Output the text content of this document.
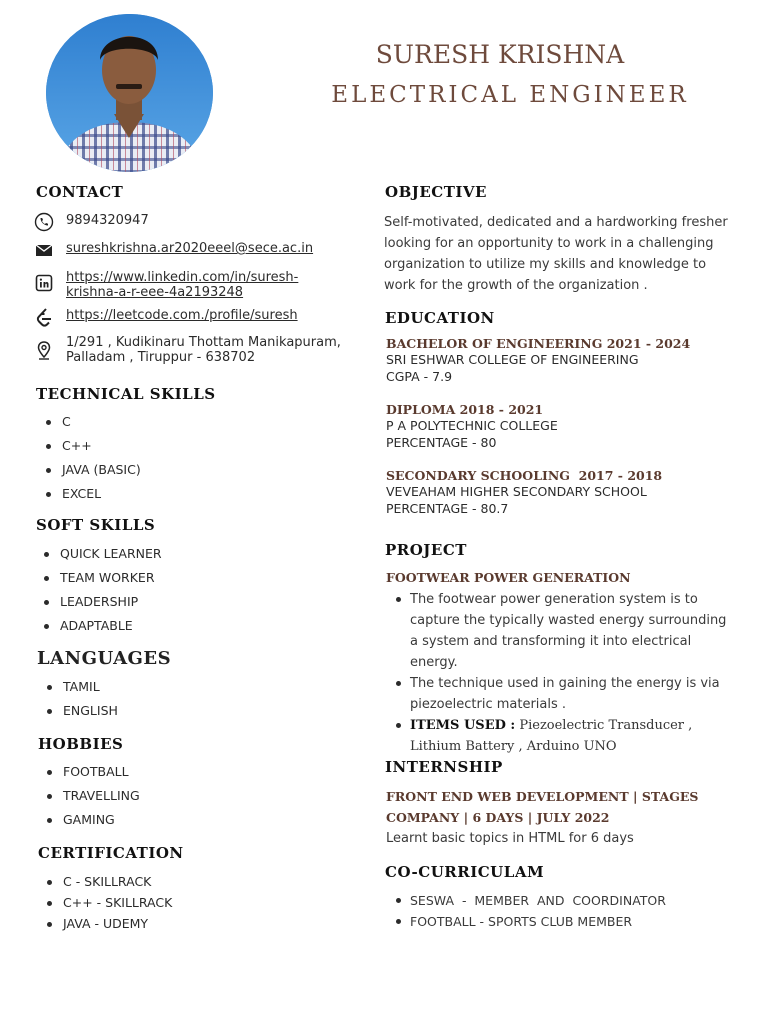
SURESH KRISHNA
ELECTRICAL ENGINEER
CONTACT
9894320947
sureshkrishna.ar2020eeel@sece.ac.in
https://www.linkedin.com/in/suresh-
krishna-a-r-eee-4a2193248
https://leetcode.com./profile/suresh
1/291 , Kudikinaru Thottam Manikapuram,
Palladam , Tiruppur - 638702
TECHNICAL SKILLS
C
C++
JAVA (BASIC)
EXCEL
SOFT SKILLS
QUICK LEARNER
TEAM WORKER
LEADERSHIP
ADAPTABLE
LANGUAGES
TAMIL
ENGLISH
HOBBIES
FOOTBALL
TRAVELLING
GAMING
CERTIFICATION
C - SKILLRACK
C++ - SKILLRACK
JAVA - UDEMY
OBJECTIVE
Self-motivated, dedicated and a hardworking fresher looking for an opportunity to work in a challenging organization to utilize my skills and knowledge to work for the growth of the organization .
EDUCATION
BACHELOR OF ENGINEERING 2021 - 2024
SRI ESHWAR COLLEGE OF ENGINEERING
CGPA - 7.9
DIPLOMA 2018 - 2021
P A POLYTECHNIC COLLEGE
PERCENTAGE - 80
SECONDARY SCHOOLING  2017 - 2018
VEVEAHAM HIGHER SECONDARY SCHOOL
PERCENTAGE - 80.7
PROJECT
FOOTWEAR POWER GENERATION
The footwear power generation system is to capture the typically wasted energy surrounding a system and transforming it into electrical energy.
The technique used in gaining the energy is via piezoelectric materials .
ITEMS USED : Piezoelectric Transducer , Lithium Battery , Arduino UNO
INTERNSHIP
FRONT END WEB DEVELOPMENT | STAGES
COMPANY | 6 DAYS | JULY 2022
Learnt basic topics in HTML for 6 days
CO-CURRICULAM
SESWA  -  MEMBER  AND  COORDINATOR
FOOTBALL - SPORTS CLUB MEMBER
